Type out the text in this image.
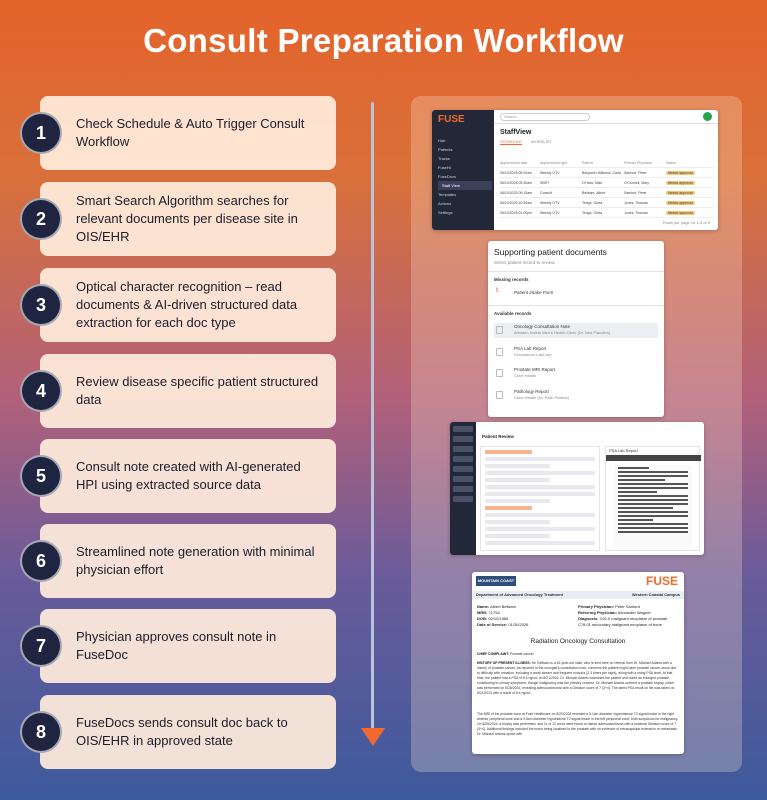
Consult Preparation Workflow
1	Check Schedule & Auto Trigger Consult Workflow
2
Smart Search Algorithm searches for relevant documents per disease site in OIS/EHR
3
Optical character recognition – read documents & AI-driven structured data extraction for each doc type
4	Review disease specific patient structured data
5	Consult note created with AI-generated HPI using extracted source data
6	Streamlined note generation with minimal physician effort
7	Physician approves consult note in FuseDoc
8	FuseDocs sends consult doc back to OIS/EHR in approved state
FUSE
Hub
Patients
Tracks
FuseHI
FuseDocs
Staff View
Templates
Actions
Settings
Search
StaffView
SCHEDULE WORKLIST
Appointment date	Appointment type	Patient	Primary Physician	Status
06/10/2025 09:00am	Weekly OTV	Benjamin Williams, Carla Sanford, Peter	Needs approval
06/10/2025 09:30am	SBRT	O'Hara, Mike	O'Connell, Mary	Needs approval
06/10/2025 09:15am	Consult	Bellsam, Albert	Sanford, Peter	Needs approval
06/10/2025 10:30am	Weekly OTV	Tengo, Olivia	Jones, Thomas	Needs approval
06/10/2025 01:00pm	Weekly OTV	Tengo, Olivia	Jones, Thomas	Needs approval
Rows per page 10 1-5 of 5
Supporting patient documents
Select patient record to review
Missing records
!	Patient Intake Form
Available records
Oncology Consultation Note
Winston-Salem Men's Health Clinic (Dr. Ned Flanders)
PSA Lab Report
Greensboro LabCorp
Prostate MRI Report
Cone Health
Pathology Report
Cone Health (Dr. Ruth Powers)
Patient Review
PSA Lab Report
MOUNTAIN COAST	FUSE
Department of Advanced Oncology Treatment	Western Coastal Campus
Name: Albert Bellsam
MRN: 71754
DOB: 02/10/1965
Date of Service: 01/30/2026
Primary Physician: Peter Sanford
Referring Physician: Alexander Wagner
Diagnosis: C61.0 malignant neoplasm of prostate,
C78.01 secondary malignant neoplasm of bone
Radiation Oncology Consultation
CHIEF COMPLAINT: Prostate cancer
HISTORY OF PRESENT ILLNESS: Mr. Bellsam is a 61-year-old male, who is sent here on referral from Dr. Michael Adams with a history of prostate cancer. As reported in the urologist's consultation note, concerns the patient might have prostate cancer arose due to difficulty with urination, including a weak stream and frequent nocturia (2-3 times per night), along with a rising PSA level. At that time, the patient had a PSA of 8.4 ng/mL on 8/21/2024. Dr. Michael Adams examined the patient and noted an enlarged prostate contributing to urinary symptoms, though malignancy was the primary concern. Dr. Michael Adams ordered a prostate biopsy, which was performed on 8/28/2024, revealing adenocarcinoma with a Gleason score of 7 (3+4). The latest PSA result on file was taken on 8/21/2024 with a result of 8.4 ng/mL.
The MRI of the prostate done at Fuse Healthcare on 8/20/2024 revealed a 5.1cm diameter hyperintense T2 signal lesion in the right anterior peripheral zone and a 0.8cm diameter hypointense T2 signal lesion in the left peripheral zone, both suspicious for malignancy. On 8/28/2024, a biopsy was performed, and 11 of 12 cores were found to harbor adenocarcinoma with a maximal Gleason score of 7 (3+4). Additional findings included the tumor being localized to the prostate with no evidence of extracapsular extension or metastasis. Dr. Michael Adams spoke with
